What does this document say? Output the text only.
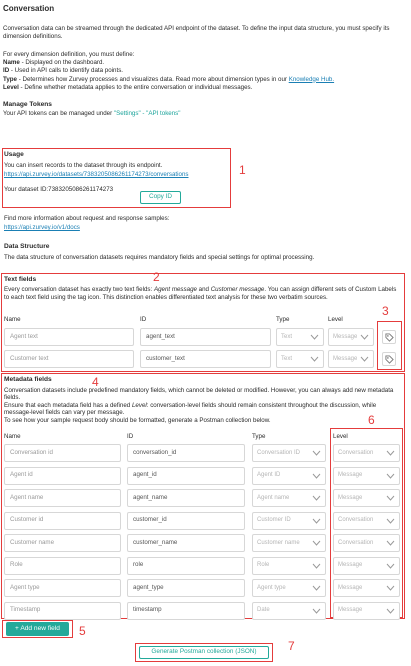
Conversation

Conversation data can be streamed through the dedicated API endpoint of the dataset. To define the input data structure, you must specify its dimension definitions.

For every dimension definition, you must define:

Name - Displayed on the dashboard.

ID - Used in API calls to identify data points.

Type - Determines how Zurvey processes and visualizes data. Read more about dimension types in our Knowledge Hub.

Level - Define whether metadata applies to the entire conversation or individual messages.

Manage Tokens

Your API tokens can be managed under "Settings" - "API tokens"

Usage

You can insert records to the dataset through its endpoint.

https://api.zurvey.io/datasets/7383205086261174273/conversations

Your dataset ID: 7383205086261174273
Copy ID
1

Find more information about request and response samples:

https://api.zurvey.io/v1/docs

Data Structure

The data structure of conversation datasets requires mandatory fields and special settings for optimal processing.

2

Text fields

Every conversation dataset has exactly two text fields: Agent message and Customer message. You can assign different sets of Custom Labels to each text field using the tag icon. This distinction enables differentiated text analysis for these two verbatim sources.

Name	ID	Type	Level
Agent text	agent_text	Text	Message
Customer text	customer_text	Text	Message
3
4

Metadata fields

Conversation datasets include predefined mandatory fields, which cannot be deleted or modified. However, you can always add new metadata fields.

Ensure that each metadata field has a defined Level: conversation-level fields should remain consistent throughout the discussion, while message-level fields can vary per message.

To see how your sample request body should be formatted, generate a Postman collection below.	6
Name	ID	Type	Level
Conversation id	conversation_id	Conversation ID	Conversation
Agent id	agent_id	Agent ID	Message
Agent name	agent_name	Agent name	Message
Customer id	customer_id	Customer ID	Conversation
Customer name	customer_name	Customer name	Conversation
Role	role	Role	Message
Agent type	agent_type	Agent type	Message
Timestamp	timestamp	Date	Message
+ Add new field	5
Generate Postman collection (JSON)	7
